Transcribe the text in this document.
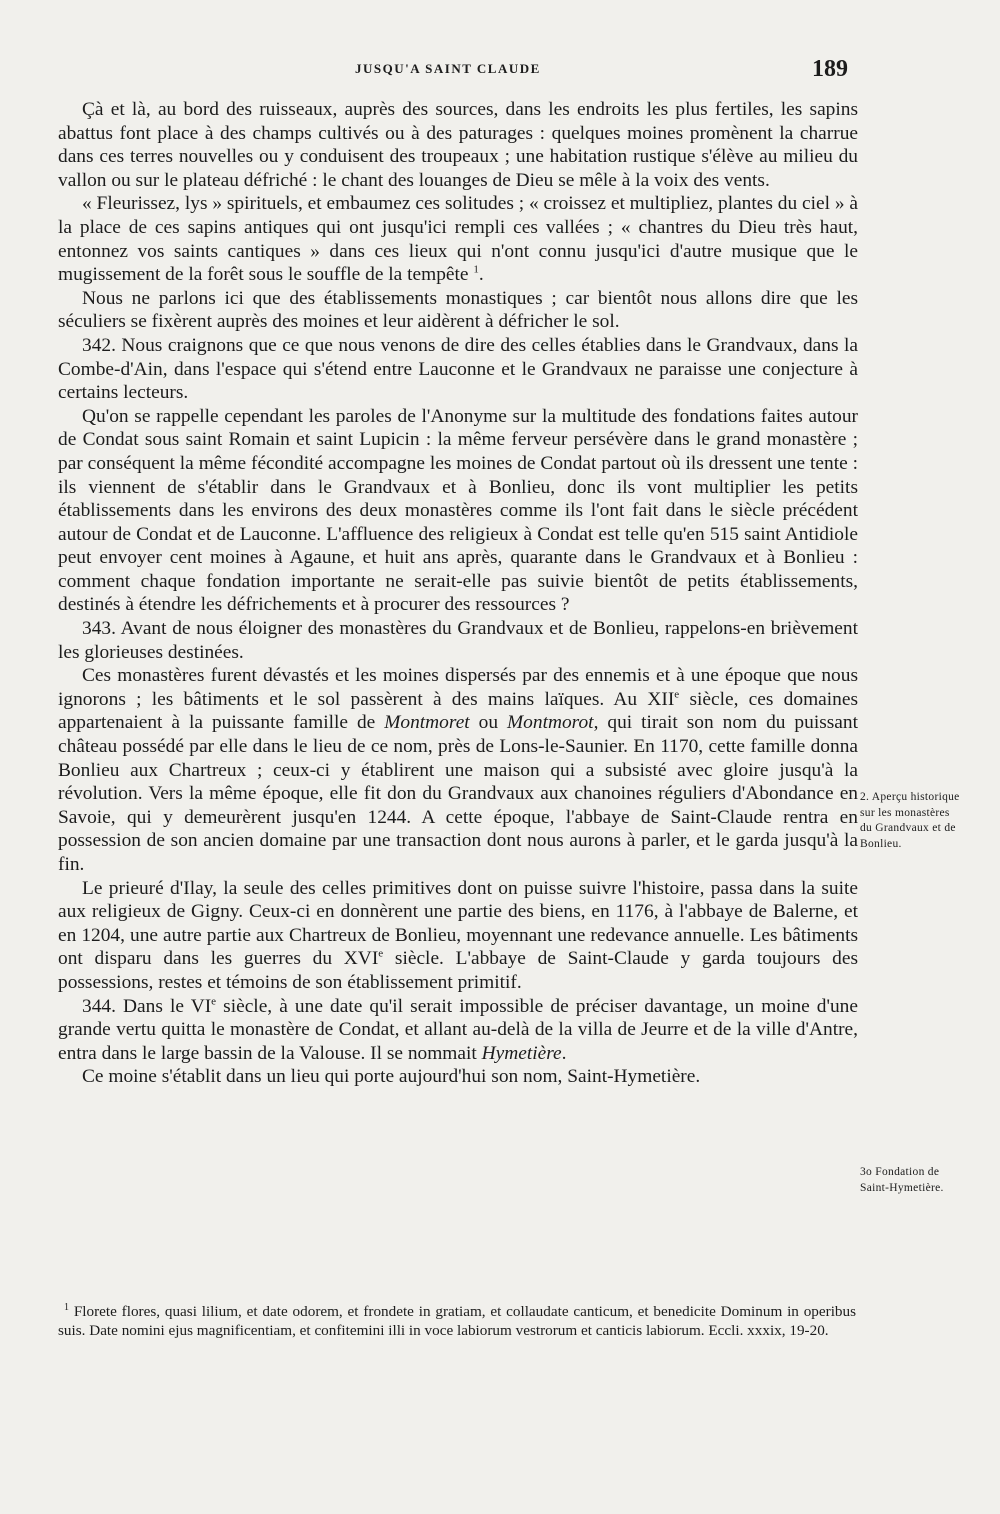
JUSQU'A SAINT CLAUDE	189

Çà et là, au bord des ruisseaux, auprès des sources, dans les endroits les plus fertiles, les sapins abattus font place à des champs cultivés ou à des paturages : quelques moines promènent la charrue dans ces terres nouvelles ou y conduisent des troupeaux ; une habitation rustique s'élève au milieu du vallon ou sur le plateau défriché : le chant des louanges de Dieu se mêle à la voix des vents.

« Fleurissez, lys » spirituels, et embaumez ces solitudes ; « croissez et multipliez, plantes du ciel » à la place de ces sapins antiques qui ont jusqu'ici rempli ces vallées ; « chantres du Dieu très haut, entonnez vos saints cantiques » dans ces lieux qui n'ont connu jusqu'ici d'autre musique que le mugissement de la forêt sous le souffle de la tempête $^1$.

Nous ne parlons ici que des établissements monastiques ; car bientôt nous allons dire que les séculiers se fixèrent auprès des moines et leur aidèrent à défricher le sol.

342. Nous craignons que ce que nous venons de dire des celles établies dans le Grandvaux, dans la Combe-d'Ain, dans l'espace qui s'étend entre Lauconne et le Grandvaux ne paraisse une conjecture à certains lecteurs.

Qu'on se rappelle cependant les paroles de l'Anonyme sur la multitude des fondations faites autour de Condat sous saint Romain et saint Lupicin : la même ferveur persévère dans le grand monastère ; par conséquent la même fécondité accompagne les moines de Condat partout où ils dressent une tente : ils viennent de s'établir dans le Grandvaux et à Bonlieu, donc ils vont multiplier les petits établissements dans les environs des deux monastères comme ils l'ont fait dans le siècle précédent autour de Condat et de Lauconne. L'affluence des religieux à Condat est telle qu'en 515 saint Antidiole peut envoyer cent moines à Agaune, et huit ans après, quarante dans le Grandvaux et à Bonlieu : comment chaque fondation importante ne serait-elle pas suivie bientôt de petits établissements, destinés à étendre les défrichements et à procurer des ressources ?

343. Avant de nous éloigner des monastères du Grandvaux et de Bonlieu, rappelons-en brièvement les glorieuses destinées.

Ces monastères furent dévastés et les moines dispersés par des ennemis et à une époque que nous ignorons ; les bâtiments et le sol passèrent à des mains laïques. Au XIIe siècle, ces domaines appartenaient à la puissante famille de Montmoret ou Montmorot, qui tirait son nom du puissant château possédé par elle dans le lieu de ce nom, près de Lons-le-Saunier. En 1170, cette famille donna Bonlieu aux Chartreux ; ceux-ci y établirent une maison qui a subsisté avec gloire jusqu'à la révolution. Vers la même époque, elle fit don du Grandvaux aux chanoines réguliers d'Abondance en Savoie, qui y demeurèrent jusqu'en 1244. A cette époque, l'abbaye de Saint-Claude rentra en possession de son ancien domaine par une transaction dont nous aurons à parler, et le garda jusqu'à la fin.

Le prieuré d'Ilay, la seule des celles primitives dont on puisse suivre l'histoire, passa dans la suite aux religieux de Gigny. Ceux-ci en donnèrent une partie des biens, en 1176, à l'abbaye de Balerne, et en 1204, une autre partie aux Chartreux de Bonlieu, moyennant une redevance annuelle. Les bâtiments ont disparu dans les guerres du XVIe siècle. L'abbaye de Saint-Claude y garda toujours des possessions, restes et témoins de son établissement primitif.

344. Dans le VIe siècle, à une date qu'il serait impossible de préciser davantage, un moine d'une grande vertu quitta le monastère de Condat, et allant au-delà de la villa de Jeurre et de la ville d'Antre, entra dans le large bassin de la Valouse. Il se nommait Hymetière.

Ce moine s'établit dans un lieu qui porte aujourd'hui son nom, Saint-Hymetière.

2. Aperçu historique sur les monastères du Grandvaux et de Bonlieu.
3o Fondation de Saint-Hymetière.

$^1$ Florete flores, quasi lilium, et date odorem, et frondete in gratiam, et collaudate canticum, et benedicite Dominum in operibus suis. Date nomini ejus magnificentiam, et confitemini illi in voce labiorum vestrorum et canticis labiorum. Eccli. xxxix, 19-20.
